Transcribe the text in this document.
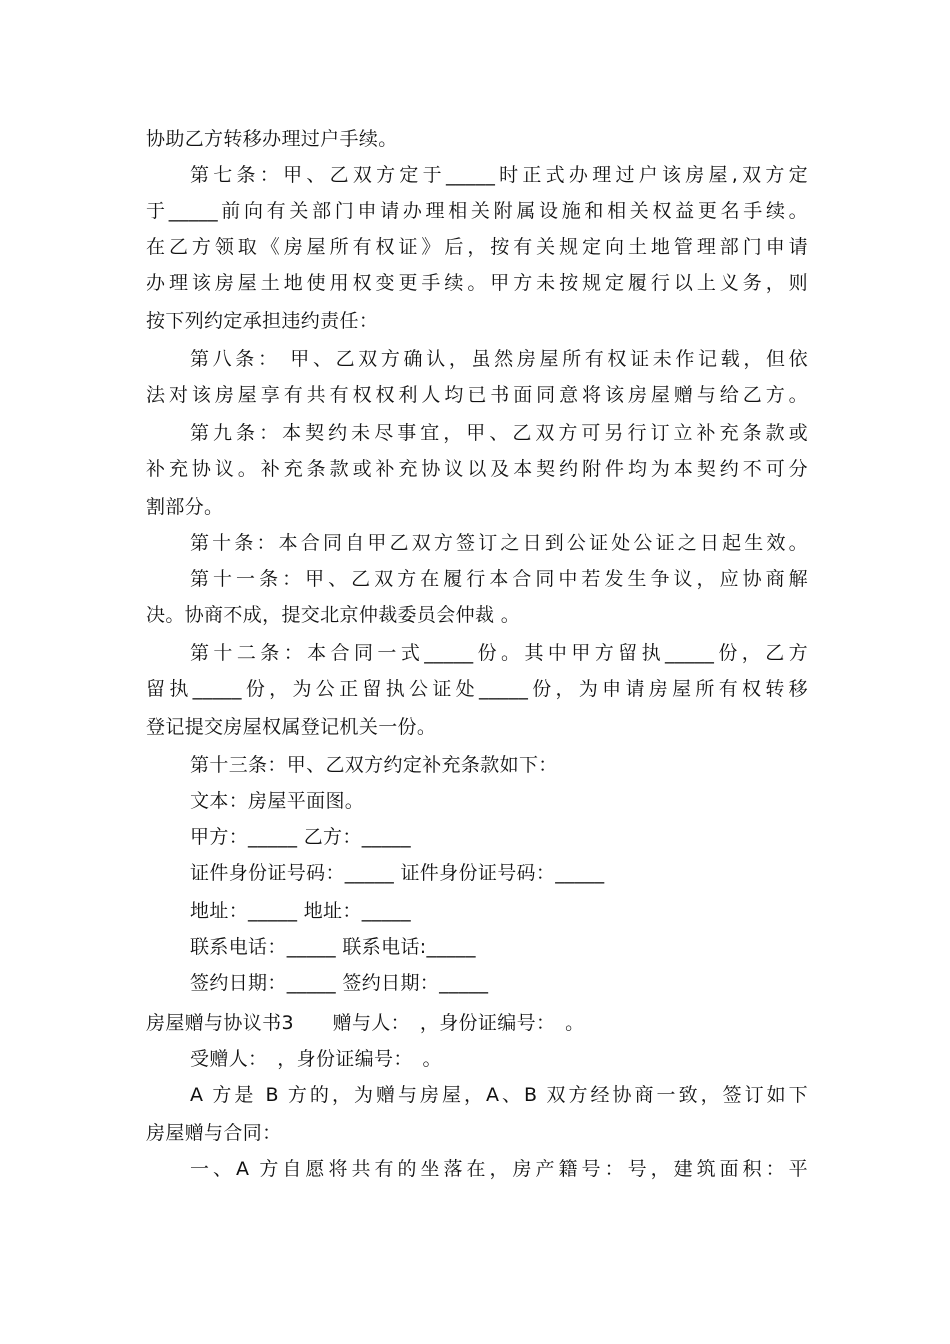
协助乙方转移办理过户手续。
第七条：甲、乙双方定于_____时正式办理过户该房屋,双方定
于_____前向有关部门申请办理相关附属设施和相关权益更名手续。
在乙方领取《房屋所有权证》后，按有关规定向土地管理部门申请
办理该房屋土地使用权变更手续。甲方未按规定履行以上义务，则
按下列约定承担违约责任：
第八条： 甲、乙双方确认，虽然房屋所有权证未作记载，但依
法对该房屋享有共有权权利人均已书面同意将该房屋赠与给乙方。
第九条：本契约未尽事宜，甲、乙双方可另行订立补充条款或
补充协议。补充条款或补充协议以及本契约附件均为本契约不可分
割部分。
第十条：本合同自甲乙双方签订之日到公证处公证之日起生效。
第十一条：甲、乙双方在履行本合同中若发生争议，应协商解
决。协商不成，提交北京仲裁委员会仲裁 。
第十二条：本合同一式_____份。其中甲方留执_____份，乙方
留执_____份，为公正留执公证处_____份，为申请房屋所有权转移
登记提交房屋权属登记机关一份。
第十三条：甲、乙双方约定补充条款如下：
文本：房屋平面图。
甲方：_____ 乙方：_____
证件身份证号码：_____ 证件身份证号码：_____
地址：_____ 地址：_____
联系电话：_____ 联系电话:_____
签约日期：_____ 签约日期：_____
房屋赠与协议书3　　赠与人：　，身份证编号：　。
受赠人：　，身份证编号：　。
A 方是 B 方的，为赠与房屋，A、B 双方经协商一致，签订如下
房屋赠与合同：
一、A 方自愿将共有的坐落在，房产籍号：号，建筑面积：平
